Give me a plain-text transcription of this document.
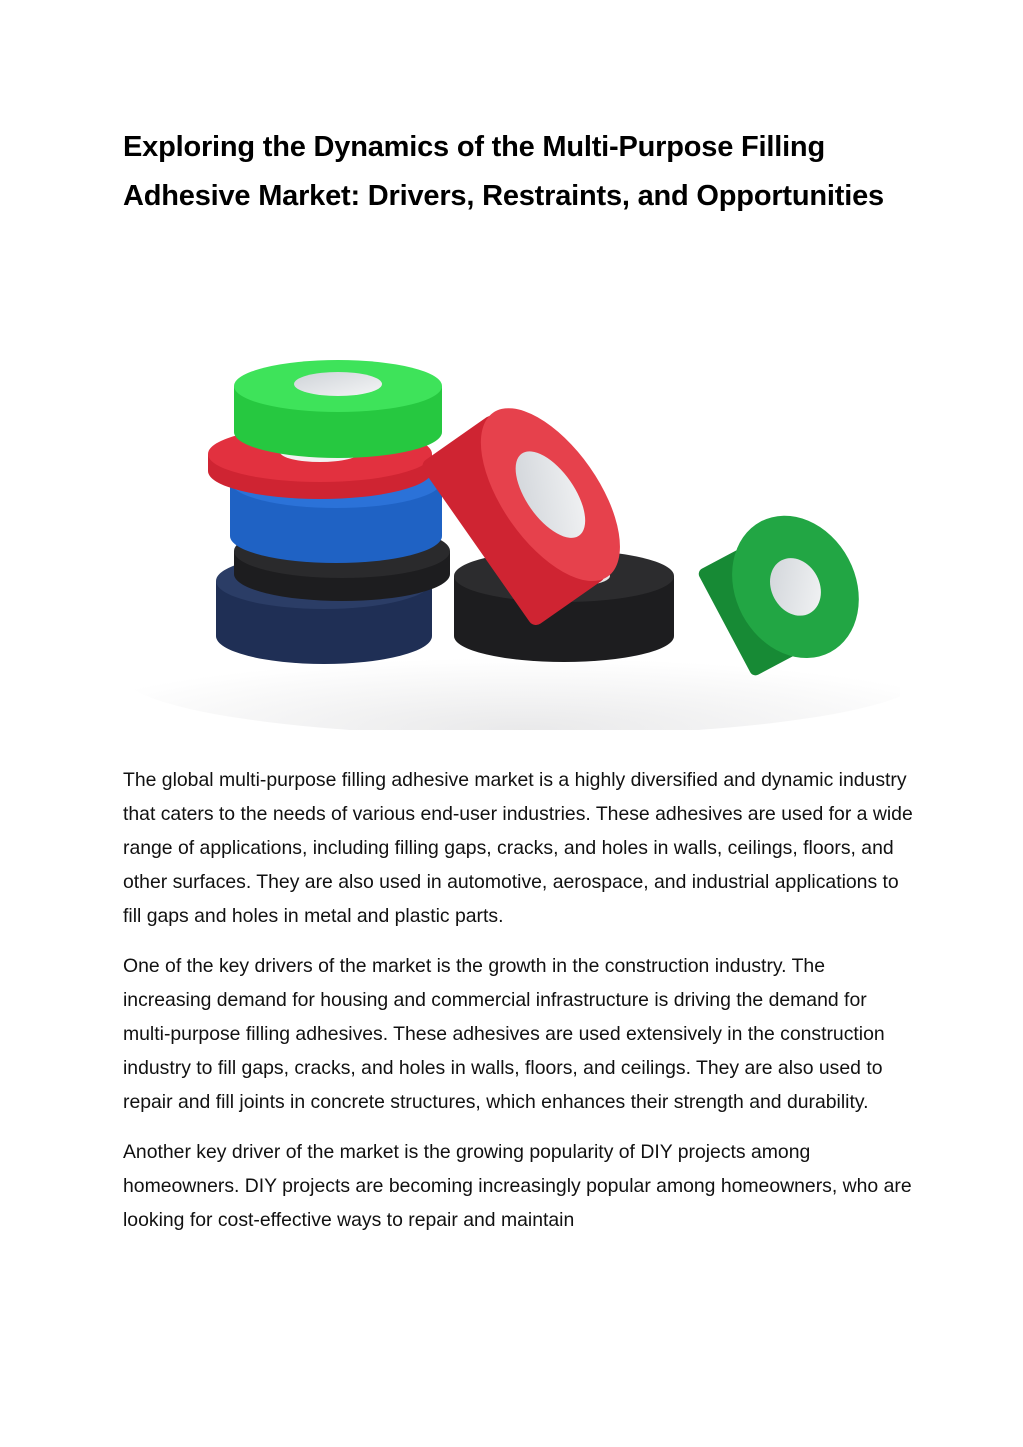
Exploring the Dynamics of the Multi-Purpose Filling Adhesive Market: Drivers, Restraints, and Opportunities

The global multi-purpose filling adhesive market is a highly diversified and dynamic industry that caters to the needs of various end-user industries. These adhesives are used for a wide range of applications, including filling gaps, cracks, and holes in walls, ceilings, floors, and other surfaces. They are also used in automotive, aerospace, and industrial applications to fill gaps and holes in metal and plastic parts.

One of the key drivers of the market is the growth in the construction industry. The increasing demand for housing and commercial infrastructure is driving the demand for multi-purpose filling adhesives. These adhesives are used extensively in the construction industry to fill gaps, cracks, and holes in walls, floors, and ceilings. They are also used to repair and fill joints in concrete structures, which enhances their strength and durability.

Another key driver of the market is the growing popularity of DIY projects among homeowners. DIY projects are becoming increasingly popular among homeowners, who are looking for cost-effective ways to repair and maintain
